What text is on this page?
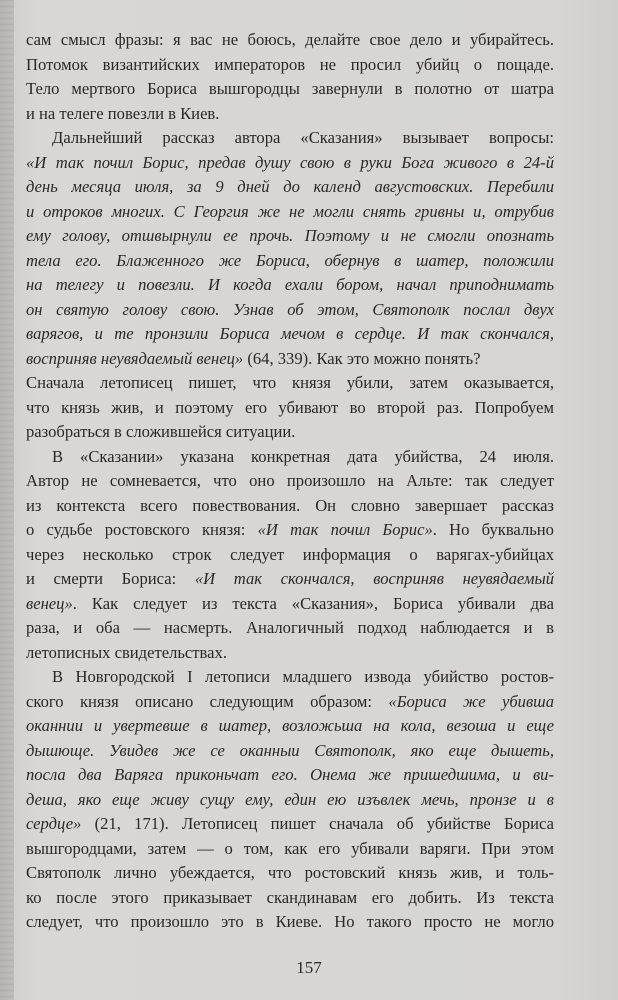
сам смысл фразы: я вас не боюсь, делайте свое дело и убирайтесь.
Потомок византийских императоров не просил убийц о пощаде.
Тело мертвого Бориса вышгородцы завернули в полотно от шатра
и на телеге повезли в Киев.
Дальнейший рассказ автора «Сказания» вызывает вопросы:
«И так почил Борис, предав душу свою в руки Бога живого в 24-й
день месяца июля, за 9 дней до календ августовских. Перебили
и отроков многих. С Георгия же не могли снять гривны и, отрубив
ему голову, отшвырнули ее прочь. Поэтому и не смогли опознать
тела его. Блаженного же Бориса, обернув в шатер, положили
на телегу и повезли. И когда ехали бором, начал приподнимать
он святую голову свою. Узнав об этом, Святополк послал двух
варягов, и те пронзили Бориса мечом в сердце. И так скончался,
восприняв неувядаемый венец» (64, 339). Как это можно понять?
Сначала летописец пишет, что князя убили, затем оказывается,
что князь жив, и поэтому его убивают во второй раз. Попробуем
разобраться в сложившейся ситуации.
В «Сказании» указана конкретная дата убийства, 24 июля.
Автор не сомневается, что оно произошло на Альте: так следует
из контекста всего повествования. Он словно завершает рассказ
о судьбе ростовского князя: «И так почил Борис». Но буквально
через несколько строк следует информация о варягах-убийцах
и смерти Бориса: «И так скончался, восприняв неувядаемый
венец». Как следует из текста «Сказания», Бориса убивали два
раза, и оба — насмерть. Аналогичный подход наблюдается и в
летописных свидетельствах.
В Новгородской I летописи младшего извода убийство ростов-
ского князя описано следующим образом: «Бориса же убивша
оканнии и увертевше в шатер, возложьша на кола, везоша и еще
дышюще. Увидев же се оканныи Святополк, яко еще дышеть,
посла два Варяга приконьчат его. Онема же пришедшима, и ви-
деша, яко еще живу сущу ему, един ею изъвлек мечь, пронзе и в
сердце» (21, 171). Летописец пишет сначала об убийстве Бориса
вышгородцами, затем — о том, как его убивали варяги. При этом
Святополк лично убеждается, что ростовский князь жив, и толь-
ко после этого приказывает скандинавам его добить. Из текста
следует, что произошло это в Киеве. Но такого просто не могло
157
